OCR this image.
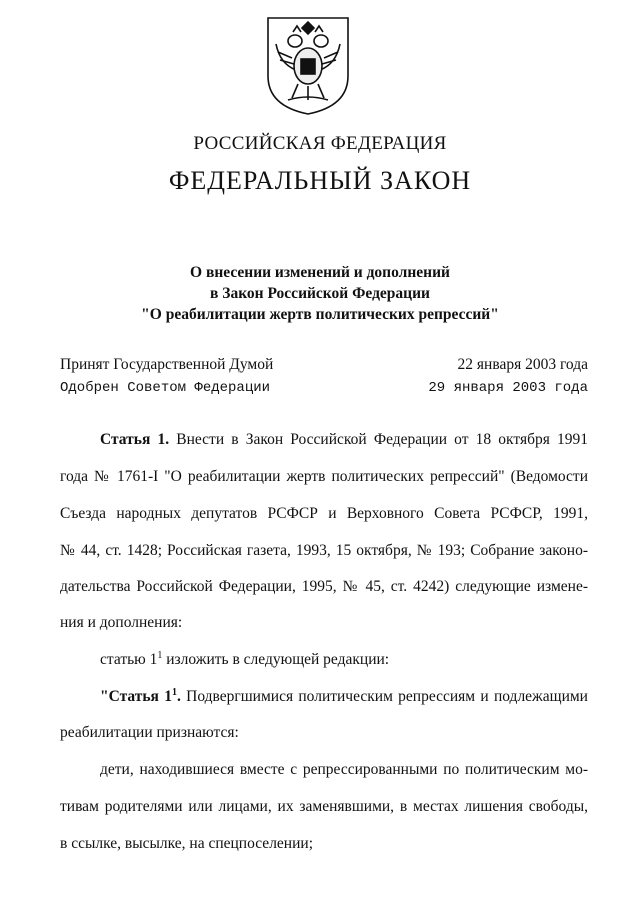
РОССИЙСКАЯ ФЕДЕРАЦИЯ
ФЕДЕРАЛЬНЫЙ ЗАКОН
О внесении изменений и дополнений
в Закон Российской Федерации
"О реабилитации жертв политических репрессий"
Принят Государственной Думой	22 января 2003 года
Одобрен Советом Федерации	29 января 2003 года
Статья 1. Внести в Закон Российской Федерации от 18 октября 1991
года № 1761-I "О реабилитации жертв политических репрессий" (Ведомости
Съезда народных депутатов РСФСР и Верховного Совета РСФСР, 1991,
№ 44, ст. 1428; Российская газета, 1993, 15 октября, № 193; Собрание законо-
дательства Российской Федерации, 1995, № 45, ст. 4242) следующие измене-
ния и дополнения:
статью $1^1$ изложить в следующей редакции:
"Статья $1^1$. Подвергшимися политическим репрессиям и подлежащими
реабилитации признаются:
дети, находившиеся вместе с репрессированными по политическим мо-
тивам родителями или лицами, их заменявшими, в местах лишения свободы,
в ссылке, высылке, на спецпоселении;
